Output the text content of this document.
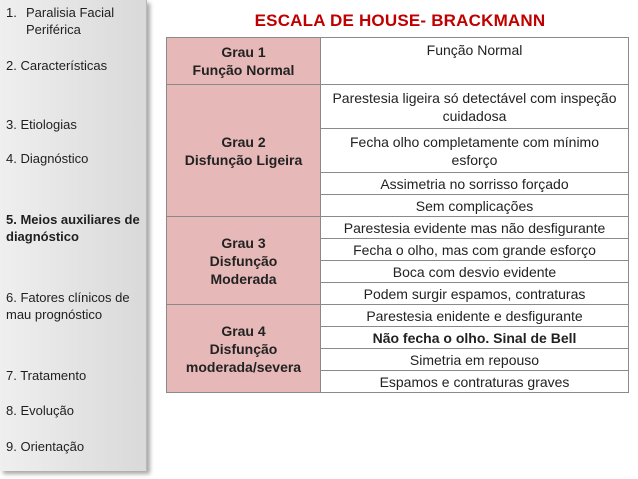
1. Paralisia Facial Periférica
2. Características
3. Etiologias
4. Diagnóstico
5. Meios auxiliares de diagnóstico
6. Fatores clínicos de mau prognóstico
7. Tratamento
8. Evolução
9. Orientação
ESCALA DE HOUSE- BRACKMANN
Grau 1
Função Normal	Função Normal
Grau 2
Disfunção Ligeira	Parestesia ligeira só detectável com inspeção cuidadosa
	Fecha olho completamente com mínimo esforço
	Assimetria no sorrisso forçado
	Sem complicações
Grau 3
Disfunção
Moderada	Parestesia evidente mas não desfigurante
	Fecha o olho, mas com grande esforço
	Boca com desvio evidente
	Podem surgir espamos, contraturas
Grau 4
Disfunção
moderada/severa	Parestesia enidente e desfigurante
	Não fecha o olho. Sinal de Bell
	Simetria em repouso
	Espamos e contraturas graves
